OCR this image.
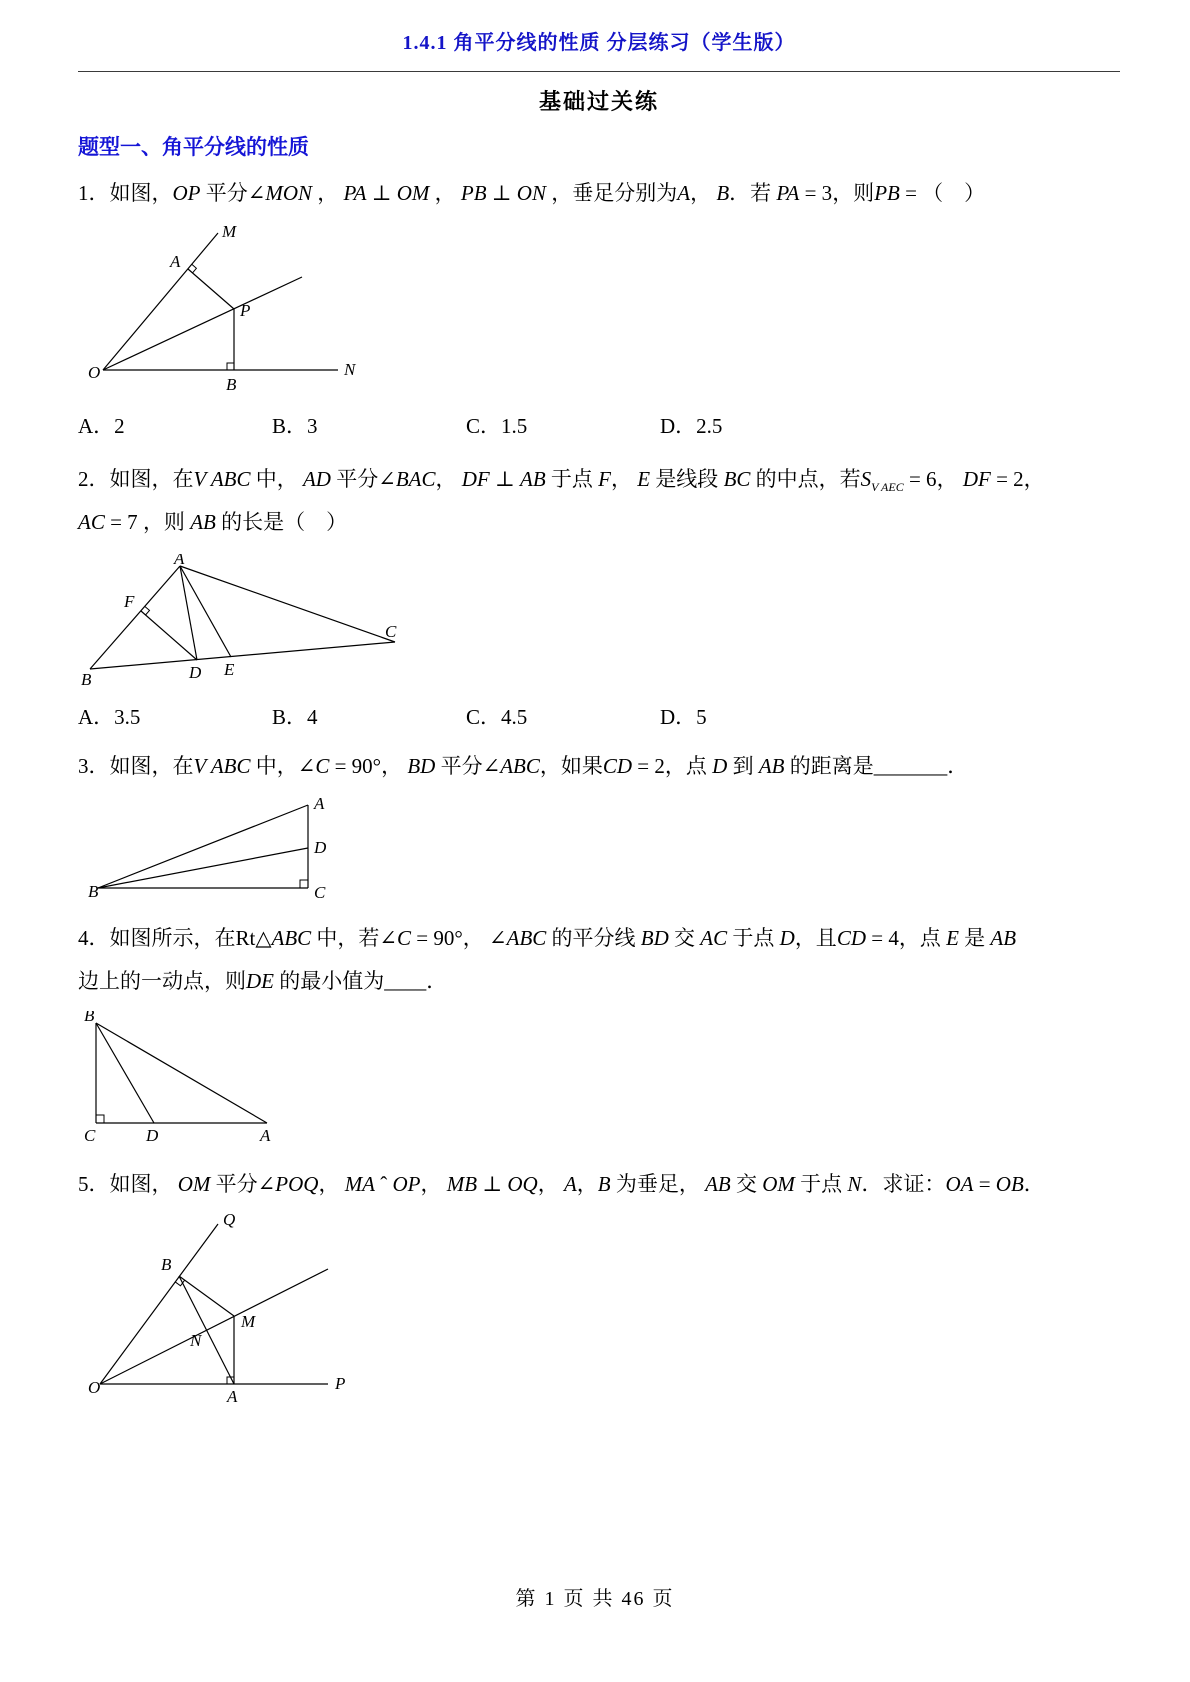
1.4.1 角平分线的性质 分层练习（学生版）
基础过关练
题型一、角平分线的性质

1．如图，OP 平分∠MON ， PA ⊥ OM ， PB ⊥ ON ，垂足分别为A， B．若 PA = 3，则PB = （　）

M
A
P
O
B
N
A．2	B．3	C．1.5	D．2.5

2．如图，在V ABC 中， AD 平分∠BAC， DF ⊥ AB 于点 F， E 是线段 BC 的中点，若$S_{V AEC} = 6$， DF = 2，

AC = 7 ，则 AB 的长是（　）

A
F
B	D E
C
A．3.5	B．4	C．4.5	D．5

3．如图，在V ABC 中，∠C = 90°， BD 平分∠ABC，如果CD = 2，点 D 到 AB 的距离是_______．

A
D
B	C

4．如图所示，在Rt△ABC 中，若∠C = 90°， ∠ABC 的平分线 BD 交 AC 于点 D，且CD = 4，点 E 是 AB

边上的一动点，则DE 的最小值为____．

B
C	D	A

5．如图， OM 平分∠POQ， MA ˆ OP， MB ⊥ OQ， A，B 为垂足， AB 交 OM 于点 N．求证：OA = OB．

Q
B
M
N
O	A
P
第 1 页 共 46 页
